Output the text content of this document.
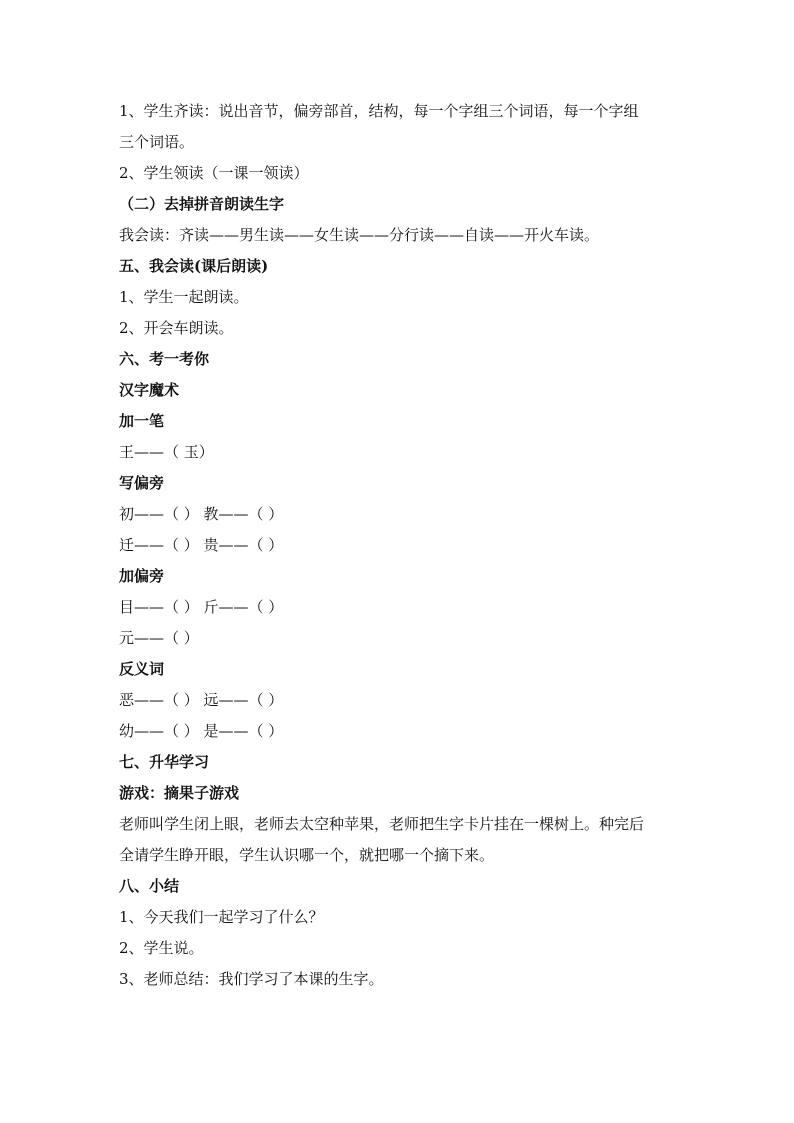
1、学生齐读：说出音节，偏旁部首，结构，每一个字组三个词语，每一个字组
三个词语。
2、学生领读（一课一领读）
（二）去掉拼音朗读生字
我会读：齐读——男生读——女生读——分行读——自读——开火车读。
五、我会读(课后朗读)
1、学生一起朗读。
2、开会车朗读。
六、考一考你
汉字魔术
加一笔
王——（ 玉）
写偏旁
初——（ ） 教——（ ）
迁——（ ） 贵——（ ）
加偏旁
目——（ ） 斤——（ ）
元——（ ）
反义词
恶——（ ） 远——（ ）
幼——（ ） 是——（ ）
七、升华学习
游戏：摘果子游戏
老师叫学生闭上眼，老师去太空种苹果，老师把生字卡片挂在一棵树上。种完后
全请学生睁开眼，学生认识哪一个，就把哪一个摘下来。
八、小结
1、今天我们一起学习了什么？
2、学生说。
3、老师总结：我们学习了本课的生字。
